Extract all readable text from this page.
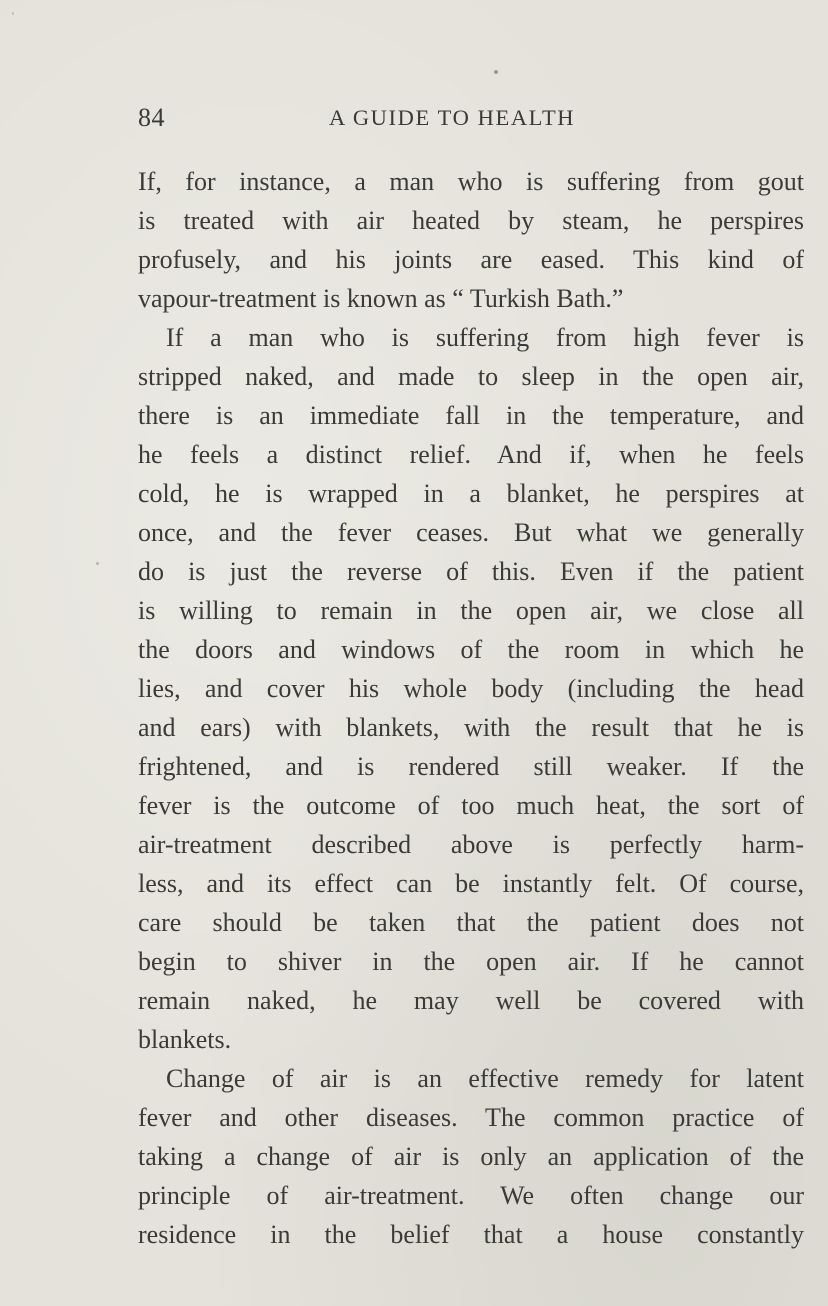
84	A GUIDE TO HEALTH
If, for instance, a man who is suffering from gout
is treated with air heated by steam, he perspires
profusely, and his joints are eased. This kind of
vapour-treatment is known as “ Turkish Bath.”
If a man who is suffering from high fever is
stripped naked, and made to sleep in the open air,
there is an immediate fall in the temperature, and
he feels a distinct relief. And if, when he feels
cold, he is wrapped in a blanket, he perspires at
once, and the fever ceases. But what we generally
do is just the reverse of this. Even if the patient
is willing to remain in the open air, we close all
the doors and windows of the room in which he
lies, and cover his whole body (including the head
and ears) with blankets, with the result that he is
frightened, and is rendered still weaker. If the
fever is the outcome of too much heat, the sort of
air-treatment described above is perfectly harm-
less, and its effect can be instantly felt. Of course,
care should be taken that the patient does not
begin to shiver in the open air. If he cannot
remain naked, he may well be covered with
blankets.
Change of air is an effective remedy for latent
fever and other diseases. The common practice of
taking a change of air is only an application of the
principle of air-treatment. We often change our
residence in the belief that a house constantly
